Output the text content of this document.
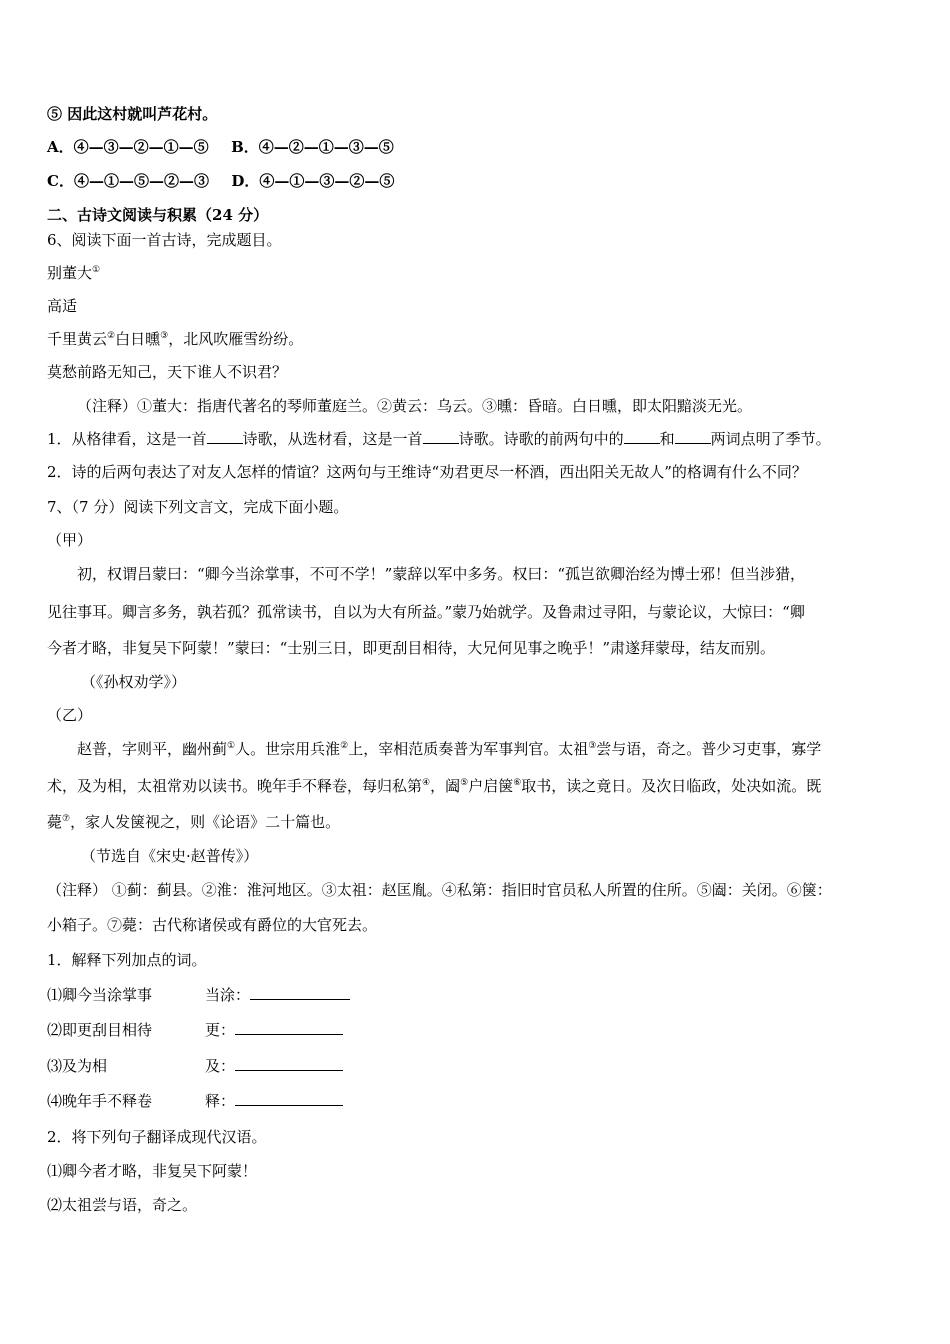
⑤ 因此这村就叫芦花村。
A．④—③—②—①—⑤ B．④—②—①—③—⑤
C．④—①—⑤—②—③ D．④—①—③—②—⑤
二、古诗文阅读与积累（24 分）
6、阅读下面一首古诗，完成题目。
别董大①
高适
千里黄云②白日曛③，北风吹雁雪纷纷。
莫愁前路无知己，天下谁人不识君？
（注释）①董大：指唐代著名的琴师董庭兰。②黄云：乌云。③曛：昏暗。白日曛，即太阳黯淡无光。
1．从格律看，这是一首 诗歌，从选材看，这是一首 诗歌。诗歌的前两句中的 和 两词点明了季节。
2．诗的后两句表达了对友人怎样的情谊？这两句与王维诗“劝君更尽一杯酒，西出阳关无故人”的格调有什么不同？
7、（7 分）阅读下列文言文，完成下面小题。
（甲）
初，权谓吕蒙曰：“卿今当涂掌事，不可不学！”蒙辞以军中多务。权曰：“孤岂欲卿治经为博士邪！但当涉猎，
见往事耳。卿言多务，孰若孤？孤常读书，自以为大有所益。”蒙乃始就学。及鲁肃过寻阳，与蒙论议，大惊曰：“卿
今者才略，非复吴下阿蒙！”蒙曰：“士别三日，即更刮目相待，大兄何见事之晚乎！”肃遂拜蒙母，结友而别。
（《孙权劝学》）
（乙）
赵普，字则平，幽州蓟①人。世宗用兵淮②上，宰相范质奏普为军事判官。太祖③尝与语，奇之。普少习吏事，寡学
术，及为相，太祖常劝以读书。晚年手不释卷，每归私第④，阖⑤户启箧⑥取书，读之竟日。及次日临政，处决如流。既
薨⑦，家人发箧视之，则《论语》二十篇也。
（节选自《宋史·赵普传》）
（注释） ①蓟：蓟县。②淮：淮河地区。③太祖：赵匡胤。④私第：指旧时官员私人所置的住所。⑤阖：关闭。⑥箧：
小箱子。⑦薨：古代称诸侯或有爵位的大官死去。
1．解释下列加点的词。
⑴卿今当涂掌事	当涂：
⑵即更刮目相待	更：
⑶及为相	及：
⑷晚年手不释卷	释：
2．将下列句子翻译成现代汉语。
⑴卿今者才略，非复吴下阿蒙！
⑵太祖尝与语，奇之。
